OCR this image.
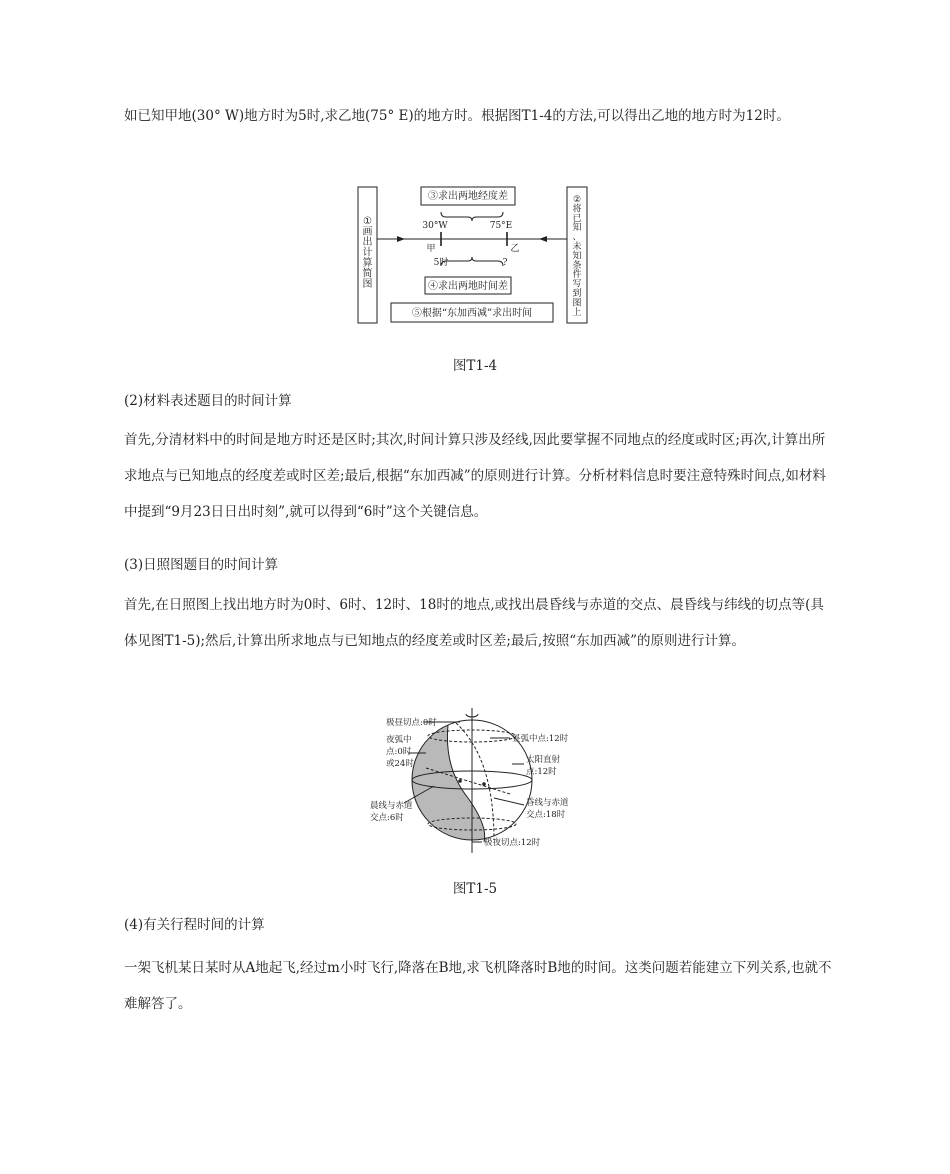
如已知甲地(30° W)地方时为5时,求乙地(75° E)的地方时。根据图T1-4的方法,可以得出乙地的地方时为12时。

③求出两地经度差
30°W	75°E
甲	乙
5时	?
④求出两地时间差
⑤根据“东加西减”求出时间
①
画
出
计
算
简
图
②
将
已
知
、
未
知
条
件
写
到
图
上
图T1-4
(2)材料表述题目的时间计算

首先,分清材料中的时间是地方时还是区时;其次,时间计算只涉及经线,因此要掌握不同地点的经度或时区;再次,计算出所求地点与已知地点的经度差或时区差;最后,根据“东加西减”的原则进行计算。分析材料信息时要注意特殊时间点,如材料中提到“9月23日日出时刻”,就可以得到“6时”这个关键信息。

(3)日照图题目的时间计算

首先,在日照图上找出地方时为0时、6时、12时、18时的地点,或找出晨昏线与赤道的交点、晨昏线与纬线的切点等(具体见图T1-5);然后,计算出所求地点与已知地点的经度差或时区差;最后,按照“东加西减”的原则进行计算。

极昼切点:0时
夜弧中
点:0时
或24时
昼弧中点:12时
太阳直射
点:12时
晨线与赤道
交点:6时
昏线与赤道
交点:18时
极夜切点:12时
图T1-5
(4)有关行程时间的计算

一架飞机某日某时从A地起飞,经过m小时飞行,降落在B地,求飞机降落时B地的时间。这类问题若能建立下列关系,也就不难解答了。
